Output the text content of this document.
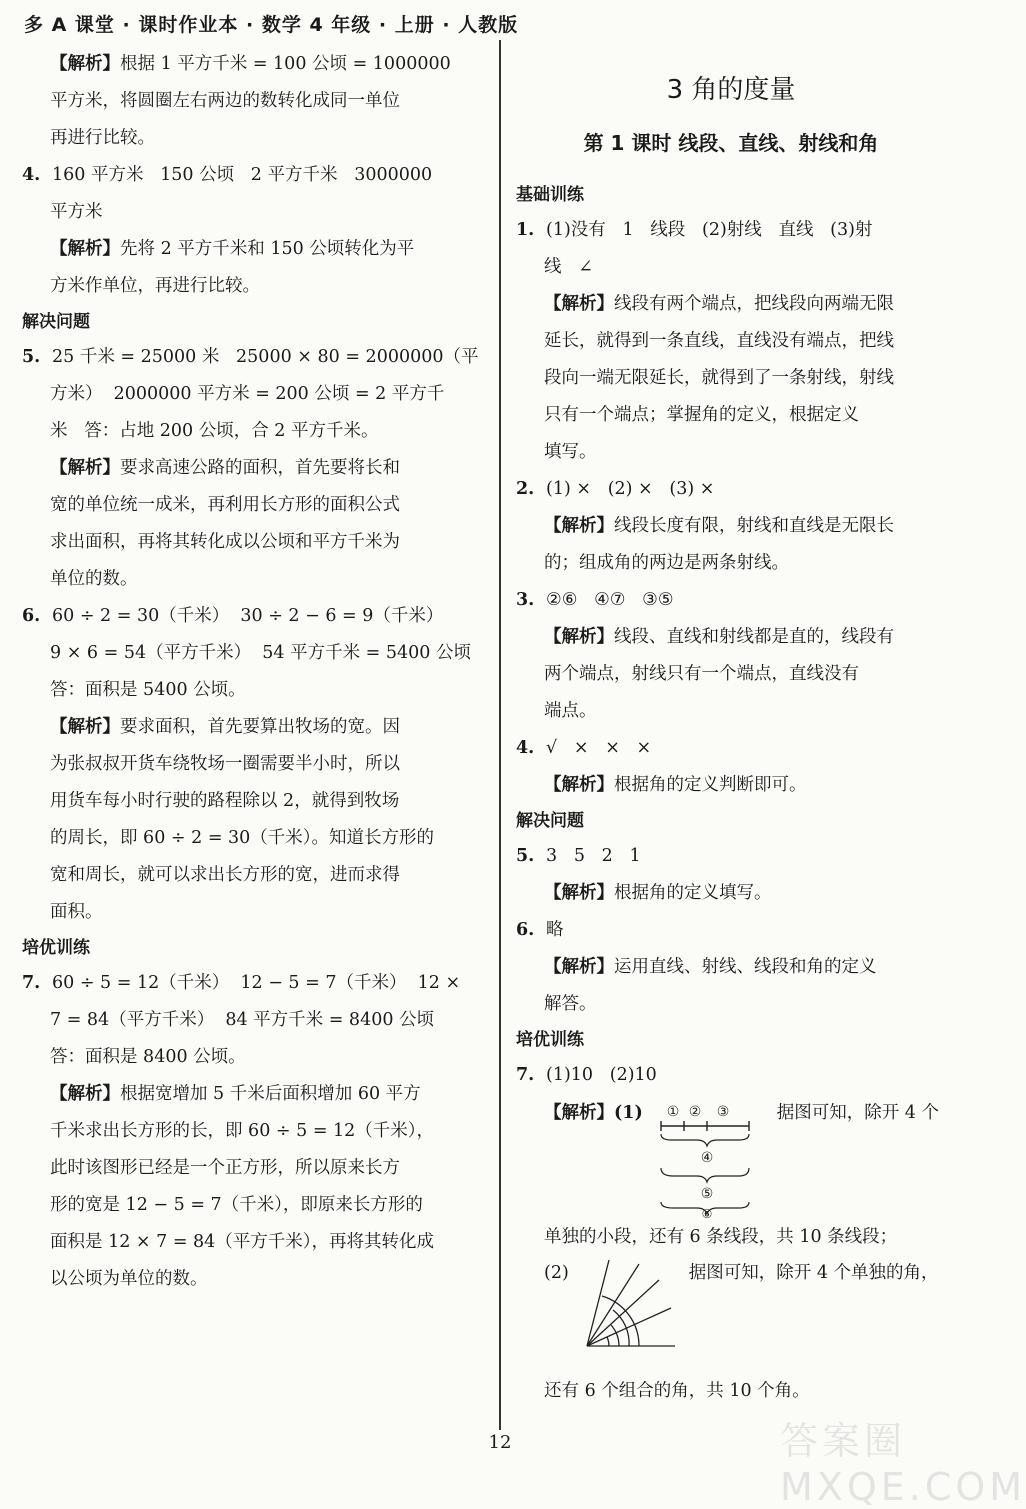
多 A 课堂 · 课时作业本 · 数学 4 年级 · 上册 · 人教版
【解析】根据 1 平方千米 = 100 公顷 = 1000000
平方米，将圆圈左右两边的数转化成同一单位
再进行比较。
4. 160 平方米   150 公顷   2 平方千米   3000000
平方米
【解析】先将 2 平方千米和 150 公顷转化为平
方米作单位，再进行比较。
解决问题
5. 25 千米 = 25000 米   25000 × 80 = 2000000（平
方米）  2000000 平方米 = 200 公顷 = 2 平方千
米   答：占地 200 公顷，合 2 平方千米。
【解析】要求高速公路的面积，首先要将长和
宽的单位统一成米，再利用长方形的面积公式
求出面积，再将其转化成以公顷和平方千米为
单位的数。
6. 60 ÷ 2 = 30（千米）  30 ÷ 2 − 6 = 9（千米）
9 × 6 = 54（平方千米）  54 平方千米 = 5400 公顷
答：面积是 5400 公顷。
【解析】要求面积，首先要算出牧场的宽。因
为张叔叔开货车绕牧场一圈需要半小时，所以
用货车每小时行驶的路程除以 2，就得到牧场
的周长，即 60 ÷ 2 = 30（千米）。知道长方形的
宽和周长，就可以求出长方形的宽，进而求得
面积。
培优训练
7. 60 ÷ 5 = 12（千米）  12 − 5 = 7（千米）  12 ×
7 = 84（平方千米）  84 平方千米 = 8400 公顷
答：面积是 8400 公顷。
【解析】根据宽增加 5 千米后面积增加 60 平方
千米求出长方形的长，即 60 ÷ 5 = 12（千米），
此时该图形已经是一个正方形，所以原来长方
形的宽是 12 − 5 = 7（千米），即原来长方形的
面积是 12 × 7 = 84（平方千米），再将其转化成
以公顷为单位的数。
3 角的度量
第 1 课时 线段、直线、射线和角
基础训练
1. (1)没有   1   线段   (2)射线   直线   (3)射
线   ∠
【解析】线段有两个端点，把线段向两端无限
延长，就得到一条直线，直线没有端点，把线
段向一端无限延长，就得到了一条射线，射线
只有一个端点；掌握角的定义，根据定义
填写。
2. (1) ×   (2) ×   (3) ×
【解析】线段长度有限，射线和直线是无限长
的；组成角的两边是两条射线。
3. ②⑥   ④⑦   ③⑤
【解析】线段、直线和射线都是直的，线段有
两个端点，射线只有一个端点，直线没有
端点。
4. √   ×   ×   ×
【解析】根据角的定义判断即可。
解决问题
5. 3   5   2   1
【解析】根据角的定义填写。
6. 略
【解析】运用直线、射线、线段和角的定义
解答。
培优训练
7. (1)10   (2)10
【解析】(1) ① ② ③
④
⑤
⑥
据图可知，除开 4 个
单独的小段，还有 6 条线段，共 10 条线段；
(2)	据图可知，除开 4 个单独的角，
还有 6 个组合的角，共 10 个角。
答案圈 MXQE.COM
12
